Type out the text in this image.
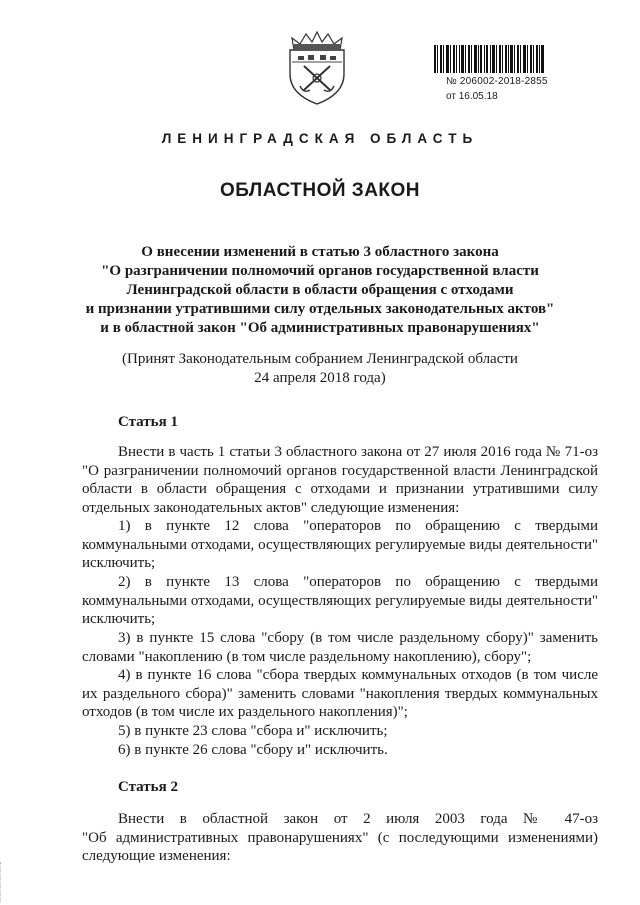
№ 206002-2018-2855
от 16.05.18
ЛЕНИНГРАДСКАЯ ОБЛАСТЬ
ОБЛАСТНОЙ ЗАКОН
О внесении изменений в статью 3 областного закона
"О разграничении полномочий органов государственной власти
Ленинградской области в области обращения с отходами
и признании утратившими силу отдельных законодательных актов"
и в областной закон "Об административных правонарушениях"
(Принят Законодательным собранием Ленинградской области
24 апреля 2018 года)
Статья 1
Внести в часть 1 статьи 3 областного закона от 27 июля 2016 года № 71-оз
"О разграничении полномочий органов государственной власти Ленинградской
области в области обращения с отходами и признании утратившими силу
отдельных законодательных актов" следующие изменения:
1) в пункте 12 слова "операторов по обращению с твердыми
коммунальными отходами, осуществляющих регулируемые виды деятельности"
исключить;
2) в пункте 13 слова "операторов по обращению с твердыми
коммунальными отходами, осуществляющих регулируемые виды деятельности"
исключить;
3) в пункте 15 слова "сбору (в том числе раздельному сбору)" заменить
словами "накоплению (в том числе раздельному накоплению), сбору";
4) в пункте 16 слова "сбора твердых коммунальных отходов (в том числе
их раздельного сбора)" заменить словами "накопления твердых коммунальных
отходов (в том числе их раздельного накопления)";
5) в пункте 23 слова "сбора и" исключить;
6) в пункте 26 слова "сбору и" исключить.
Статья 2
Внести в областной закон от 2 июля 2003 года № 47-оз
"Об административных правонарушениях" (с последующими изменениями)
следующие изменения:
